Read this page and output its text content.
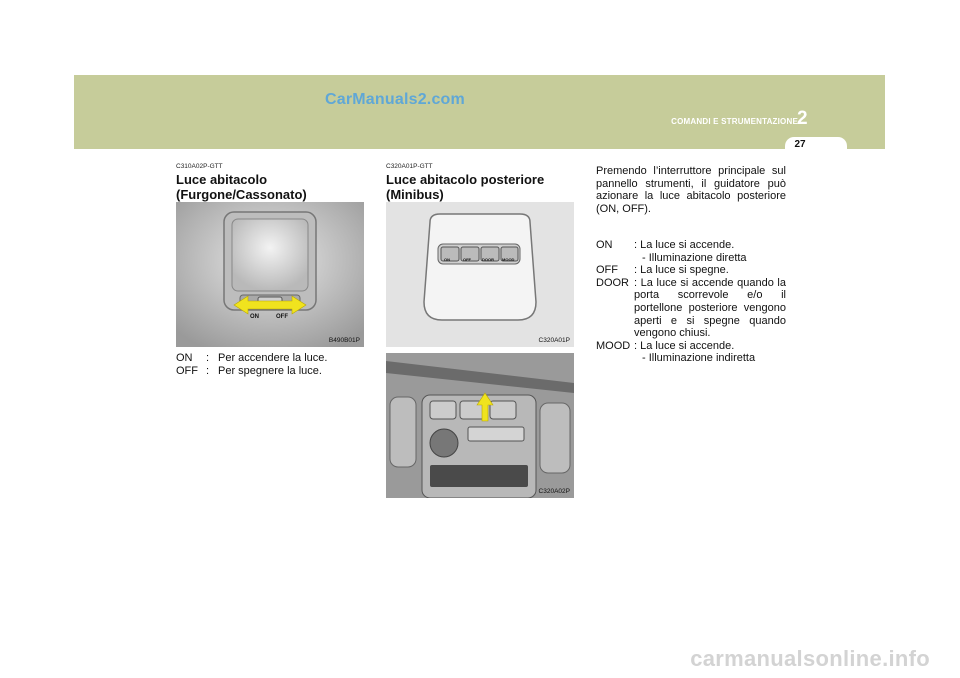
CarManuals2.com
COMANDI E STRUMENTAZIONE 2
27
C310A02P-GTT
Luce abitacolo
(Furgone/Cassonato)
ON	OFF
B490B01P
ON	: Per accendere la luce.
OFF : Per spegnere la luce.
C320A01P-GTT
Luce abitacolo posteriore
(Minibus)
ON	OFF	DOOR MOOD
C320A01P
C320A02P
Premendo l’interruttore principale sul pannello strumenti, il guidatore può azionare la luce abitacolo posteriore (ON, OFF).
ON	: La luce si accende.
- Illuminazione diretta
OFF	: La luce si spegne.
DOOR : La luce si accende quando la porta scorrevole e/o il portellone posteriore vengono aperti e si spegne quando vengono chiusi.
MOOD : La luce si accende.
- Illuminazione indiretta
carmanualsonline.info
